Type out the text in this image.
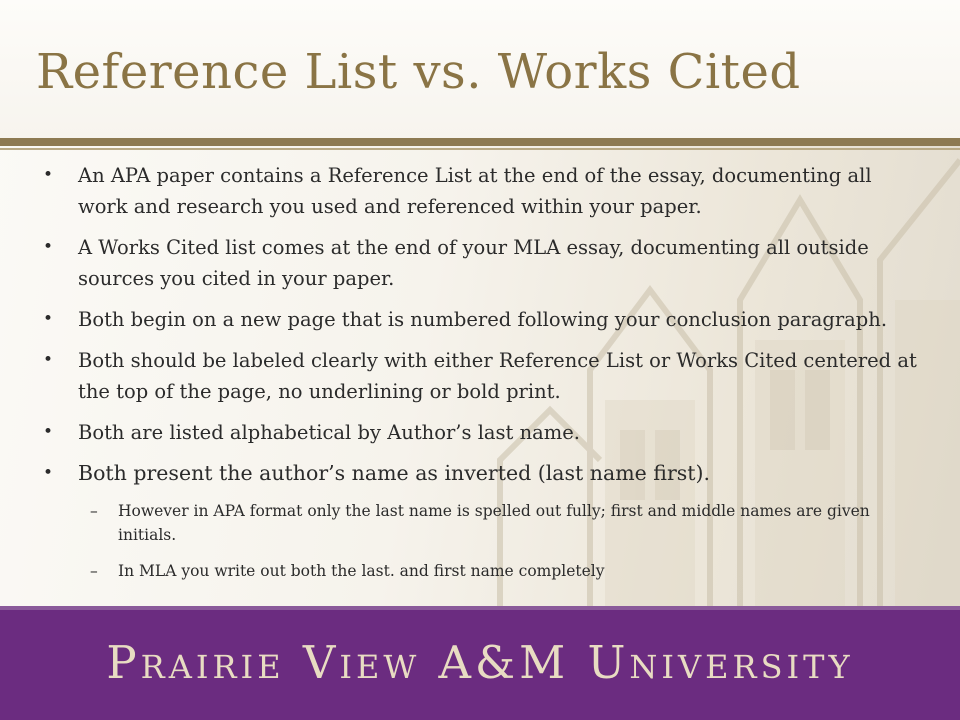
Reference List vs. Works Cited
• An APA paper contains a Reference List at the end of the essay, documenting all work and research you used and referenced within your paper.
• A Works Cited list comes at the end of your MLA essay, documenting all outside sources you cited in your paper.
• Both begin on a new page that is numbered following your conclusion paragraph.
• Both should be labeled clearly with either Reference List or Works Cited centered at the top of the page, no underlining or bold print.
• Both are listed alphabetical by Author’s last name.
• Both present the author’s name as inverted (last name first).
– However in APA format only the last name is spelled out fully; first and middle names are given initials.
– In MLA you write out both the last. and first name completely
Prairie View A&M University
